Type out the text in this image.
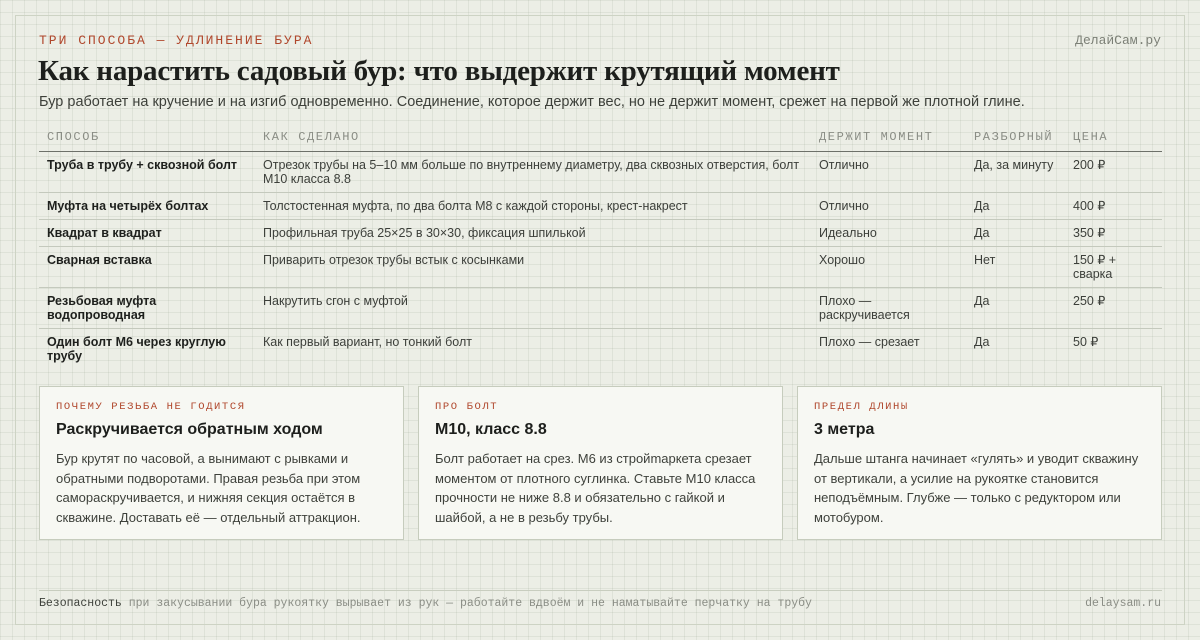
ТРИ СПОСОБА — УДЛИНЕНИЕ БУРА	ДелайСам.ру
Как нарастить садовый бур: что выдержит крутящий момент

Бур работает на кручение и на изгиб одновременно. Соединение, которое держит вес, но не держит момент, срежет на первой же плотной глине.

СПОСОБ	КАК СДЕЛАНО	ДЕРЖИТ МОМЕНТ	РАЗБОРНЫЙ	ЦЕНА
Труба в трубу + сквозной болт	Отрезок трубы на 5–10 мм больше по внутреннему диаметру, два сквозных отверстия, болт М10 класса 8.8	Отлично	Да, за минуту	200 ₽
Муфта на четырёх болтах	Толстостенная муфта, по два болта М8 с каждой стороны, крест-накрест	Отлично	Да	400 ₽
Квадрат в квадрат	Профильная труба 25×25 в 30×30, фиксация шпилькой	Идеально	Да	350 ₽
Сварная вставка	Приварить отрезок трубы встык с косынками	Хорошо	Нет	150 ₽ + сварка
Резьбовая муфта водопроводная	Накрутить сгон с муфтой	Плохо — раскручивается	Да	250 ₽
Один болт М6 через круглую трубу	Как первый вариант, но тонкий болт	Плохо — срезает	Да	50 ₽
ПОЧЕМУ РЕЗЬБА НЕ ГОДИТСЯ
Раскручивается обратным ходом
Бур крутят по часовой, а вынимают с рывками и обратными подворотами. Правая резьба при этом самораскручивается, и нижняя секция остаётся в скважине. Доставать её — отдельный аттракцион.
ПРО БОЛТ
М10, класс 8.8
Болт работает на срез. М6 из стройmаркета срезает моментом от плотного суглинка. Ставьте М10 класса прочности не ниже 8.8 и обязательно с гайкой и шайбой, а не в резьбу трубы.
ПРЕДЕЛ ДЛИНЫ
3 метра
Дальше штанга начинает «гулять» и уводит скважину от вертикали, а усилие на рукоятке становится неподъёмным. Глубже — только с редуктором или мотобуром.
Безопасность при закусывании бура рукоятку вырывает из рук — работайте вдвоём и не наматывайте перчатку на трубу	delaysam.ru
